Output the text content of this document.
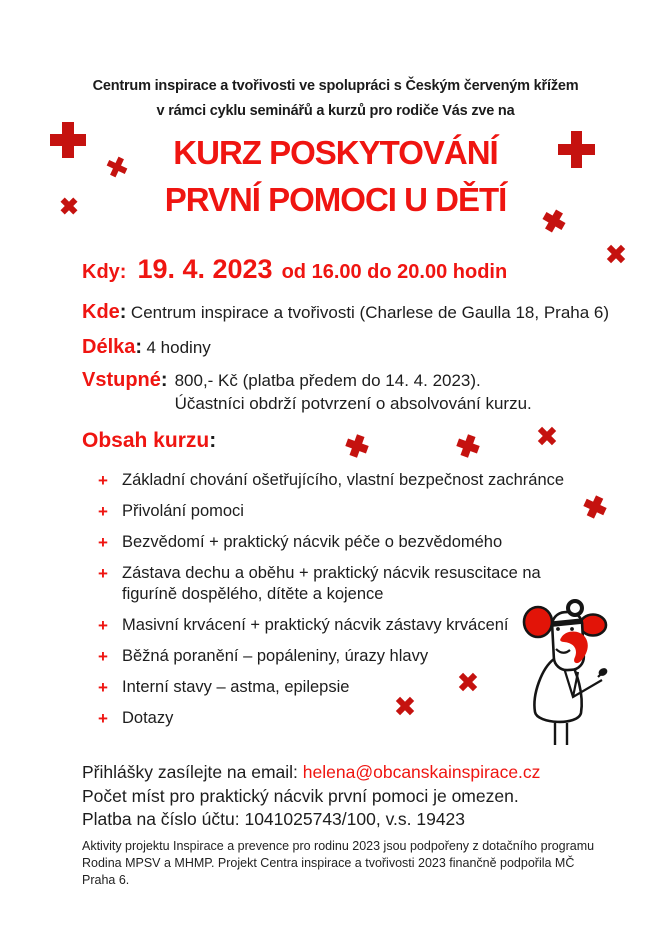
Centrum inspirace a tvořivosti ve spolupráci s Českým červeným křížem
v rámci cyklu seminářů a kurzů pro rodiče Vás zve na
KURZ POSKYTOVÁNÍ
PRVNÍ POMOCI U DĚTÍ
Kdy: 19. 4. 2023 od 16.00 do 20.00 hodin
Kde: Centrum inspirace a tvořivosti (Charlese de Gaulla 18, Praha 6)
Délka: 4 hodiny
Vstupné: 800,- Kč (platba předem do 14. 4. 2023).
Účastníci obdrží potvrzení o absolvování kurzu.
Obsah kurzu:
+ Základní chování ošetřujícího, vlastní bezpečnost zachránce
+ Přivolání pomoci
+ Bezvědomí + praktický nácvik péče o bezvědomého
+ Zástava dechu a oběhu + praktický nácvik resuscitace na figuríně dospělého, dítěte a kojence
+ Masivní krvácení + praktický nácvik zástavy krvácení
+ Běžná poranění – popáleniny, úrazy hlavy
+ Interní stavy – astma, epilepsie
+ Dotazy
Přihlášky zasílejte na email: helena@obcanskainspirace.cz
Počet míst pro praktický nácvik první pomoci je omezen.
Platba na číslo účtu: 1041025743/100, v.s. 19423
Aktivity projektu Inspirace a prevence pro rodinu 2023 jsou podpořeny z dotačního programu Rodina MPSV a MHMP. Projekt Centra inspirace a tvořivosti 2023 finančně podpořila MČ Praha 6.
